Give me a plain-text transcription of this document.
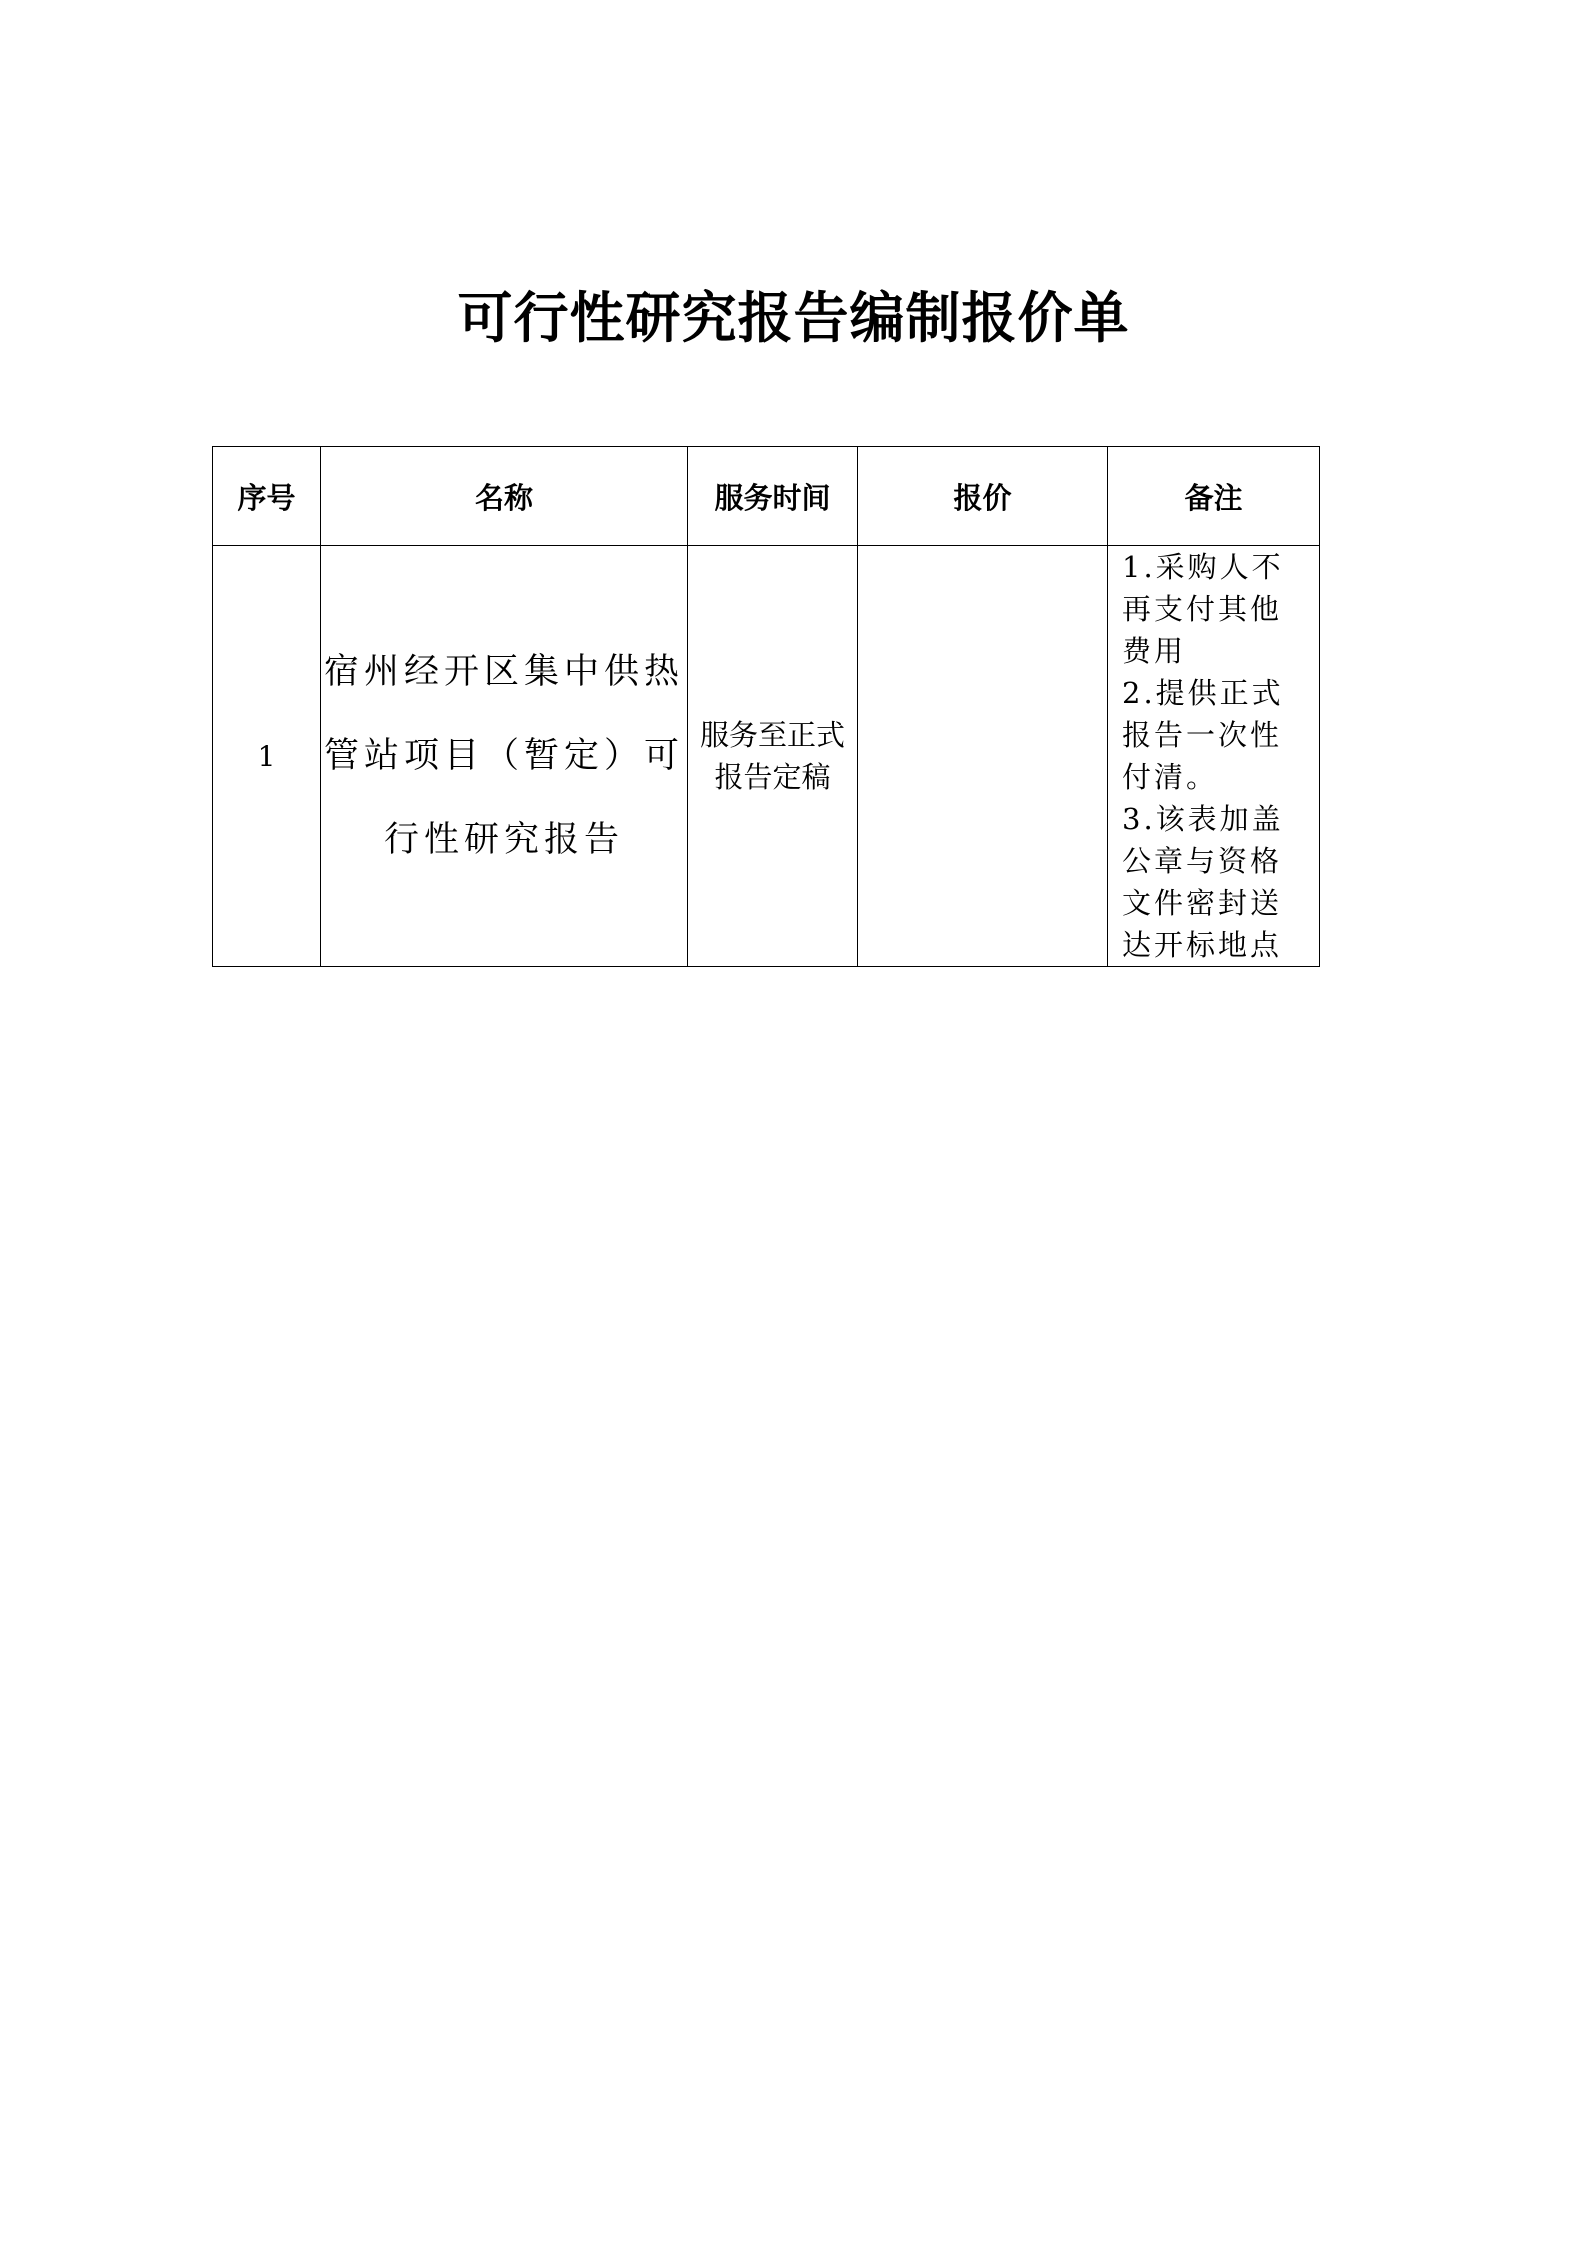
可行性研究报告编制报价单
序号	名称	服务时间	报价	备注
1	宿州经开区集中供热管站项目（暂定）可行性研究报告	服务至正式报告定稿		1.采购人不再支付其他费用
2.提供正式报告一次性付清。
3.该表加盖公章与资格文件密封送达开标地点
